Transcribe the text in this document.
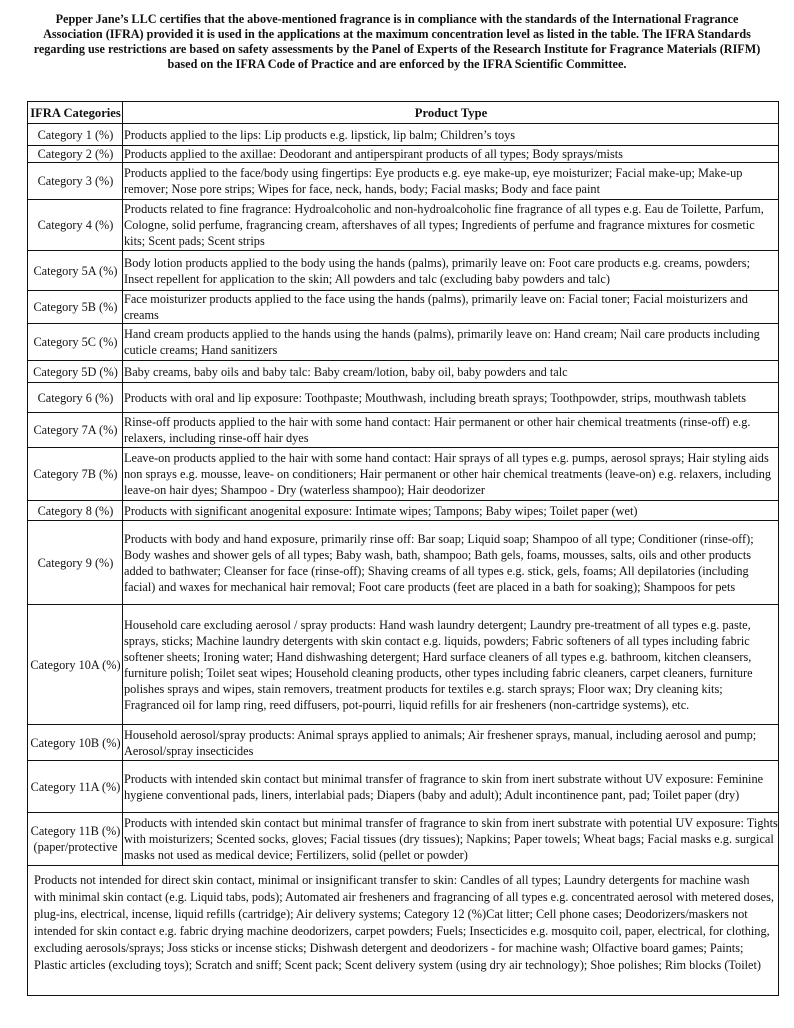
Pepper Jane’s LLC certifies that the above-mentioned fragrance is in compliance with the standards of the International Fragrance Association (IFRA) provided it is used in the applications at the maximum concentration level as listed in the table. The IFRA Standards regarding use restrictions are based on safety assessments by the Panel of Experts of the Research Institute for Fragrance Materials (RIFM) based on the IFRA Code of Practice and are enforced by the IFRA Scientific Committee.
IFRA Categories	Product Type
Category 1 (%)	Products applied to the lips: Lip products e.g. lipstick, lip balm; Children’s toys
Category 2 (%)	Products applied to the axillae: Deodorant and antiperspirant products of all types; Body sprays/mists
Category 3 (%)	Products applied to the face/body using fingertips: Eye products e.g. eye make-up, eye moisturizer; Facial make-up; Make-up remover; Nose pore strips; Wipes for face, neck, hands, body; Facial masks; Body and face paint
Category 4 (%)	Products related to fine fragrance: Hydroalcoholic and non-hydroalcoholic fine fragrance of all types e.g. Eau de Toilette, Parfum, Cologne, solid perfume, fragrancing cream, aftershaves of all types; Ingredients of perfume and fragrance mixtures for cosmetic kits; Scent pads; Scent strips
Category 5A (%)	Body lotion products applied to the body using the hands (palms), primarily leave on: Foot care products e.g. creams, powders; Insect repellent for application to the skin; All powders and talc (excluding baby powders and talc)
Category 5B (%)	Face moisturizer products applied to the face using the hands (palms), primarily leave on: Facial toner; Facial moisturizers and creams
Category 5C (%)	Hand cream products applied to the hands using the hands (palms), primarily leave on: Hand cream; Nail care products including cuticle creams; Hand sanitizers
Category 5D (%)	Baby creams, baby oils and baby talc: Baby cream/lotion, baby oil, baby powders and talc
Category 6 (%)	Products with oral and lip exposure: Toothpaste; Mouthwash, including breath sprays; Toothpowder, strips, mouthwash tablets
Category 7A (%)	Rinse-off products applied to the hair with some hand contact: Hair permanent or other hair chemical treatments (rinse-off) e.g. relaxers, including rinse-off hair dyes
Category 7B (%)	Leave-on products applied to the hair with some hand contact: Hair sprays of all types e.g. pumps, aerosol sprays; Hair styling aids non sprays e.g. mousse, leave- on conditioners; Hair permanent or other hair chemical treatments (leave-on) e.g. relaxers, including leave-on hair dyes; Shampoo - Dry (waterless shampoo); Hair deodorizer
Category 8 (%)	Products with significant anogenital exposure: Intimate wipes; Tampons; Baby wipes; Toilet paper (wet)
Category 9 (%)	Products with body and hand exposure, primarily rinse off: Bar soap; Liquid soap; Shampoo of all type; Conditioner (rinse-off); Body washes and shower gels of all types; Baby wash, bath, shampoo; Bath gels, foams, mousses, salts, oils and other products added to bathwater; Cleanser for face (rinse-off); Shaving creams of all types e.g. stick, gels, foams; All depilatories (including facial) and waxes for mechanical hair removal; Foot care products (feet are placed in a bath for soaking); Shampoos for pets
Category 10A (%)	Household care excluding aerosol / spray products: Hand wash laundry detergent; Laundry pre-treatment of all types e.g. paste, sprays, sticks; Machine laundry detergents with skin contact e.g. liquids, powders; Fabric softeners of all types including fabric softener sheets; Ironing water; Hand dishwashing detergent; Hard surface cleaners of all types e.g. bathroom, kitchen cleansers, furniture polish; Toilet seat wipes; Household cleaning products, other types including fabric cleaners, carpet cleaners, furniture polishes sprays and wipes, stain removers, treatment products for textiles e.g. starch sprays; Floor wax; Dry cleaning kits; Fragranced oil for lamp ring, reed diffusers, pot-pourri, liquid refills for air fresheners (non-cartridge systems), etc.
Category 10B (%)	Household aerosol/spray products: Animal sprays applied to animals; Air freshener sprays, manual, including aerosol and pump; Aerosol/spray insecticides
Category 11A (%)	Products with intended skin contact but minimal transfer of fragrance to skin from inert substrate without UV exposure: Feminine hygiene conventional pads, liners, interlabial pads; Diapers (baby and adult); Adult incontinence pant, pad; Toilet paper (dry)
Category 11B (%) (paper/protective	Products with intended skin contact but minimal transfer of fragrance to skin from inert substrate with potential UV exposure: Tights with moisturizers; Scented socks, gloves; Facial tissues (dry tissues); Napkins; Paper towels; Wheat bags; Facial masks e.g. surgical masks not used as medical device; Fertilizers, solid (pellet or powder)
Products not intended for direct skin contact, minimal or insignificant transfer to skin: Candles of all types; Laundry detergents for machine wash with minimal skin contact (e.g. Liquid tabs, pods); Automated air fresheners and fragrancing of all types e.g. concentrated aerosol with metered doses, plug-ins, electrical, incense, liquid refills (cartridge); Air delivery systems; Category 12 (%)Cat litter; Cell phone cases; Deodorizers/maskers not intended for skin contact e.g. fabric drying machine deodorizers, carpet powders; Fuels; Insecticides e.g. mosquito coil, paper, electrical, for clothing, excluding aerosols/sprays; Joss sticks or incense sticks; Dishwash detergent and deodorizers - for machine wash; Olfactive board games; Paints; Plastic articles (excluding toys); Scratch and sniff; Scent pack; Scent delivery system (using dry air technology); Shoe polishes; Rim blocks (Toilet)	
